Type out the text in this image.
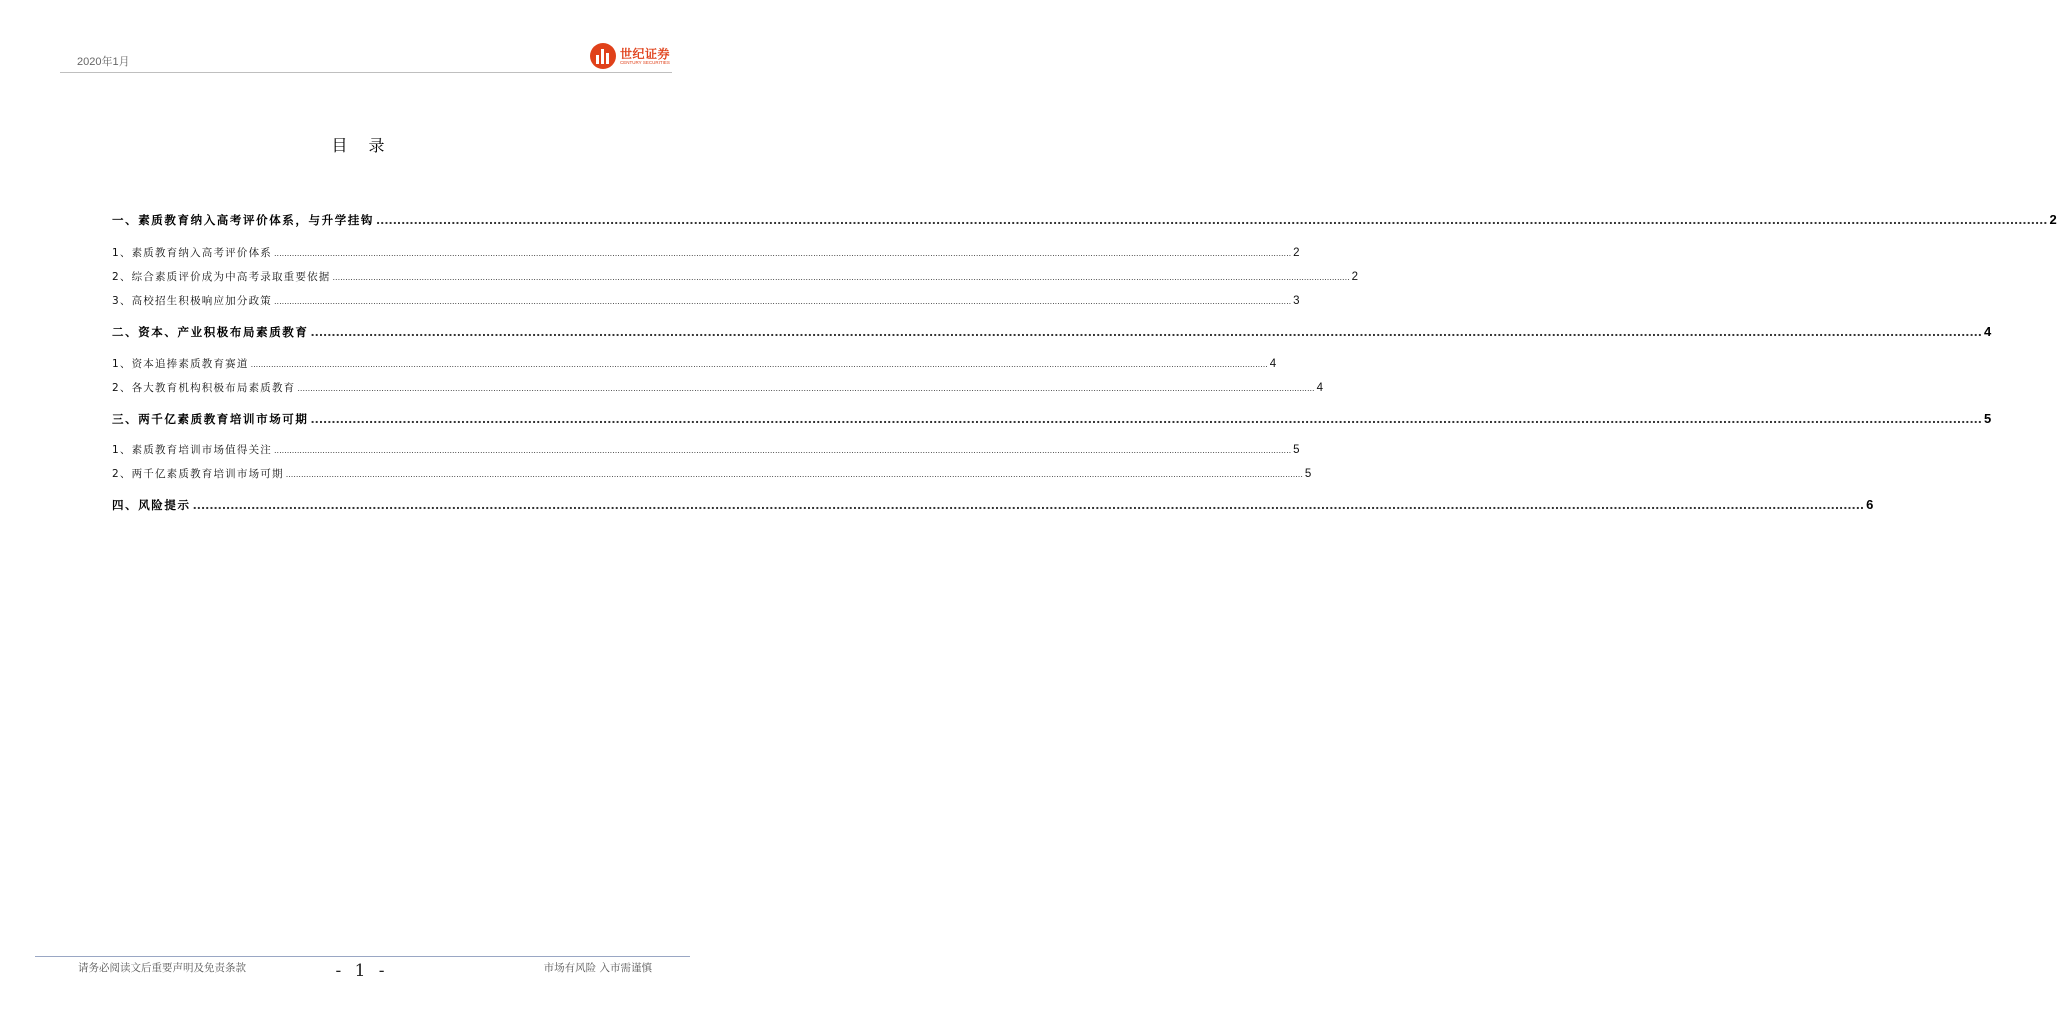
2020年1月
世纪证券
CENTURY SECURITIES
目 录
一、素质教育纳入高考评价体系，与升学挂钩 ................................................................................................................................................................................................................................................................................................................................................................................................................ 2
1、素质教育纳入高考评价体系 ................................................................................................................................................................................................................................................................................................................................................................................................................ 2
2、综合素质评价成为中高考录取重要依据 ................................................................................................................................................................................................................................................................................................................................................................................................................ 2
3、高校招生积极响应加分政策 ................................................................................................................................................................................................................................................................................................................................................................................................................ 3
二、资本、产业积极布局素质教育 ................................................................................................................................................................................................................................................................................................................................................................................................................ 4
1、资本追捧素质教育赛道 ................................................................................................................................................................................................................................................................................................................................................................................................................ 4
2、各大教育机构积极布局素质教育 ................................................................................................................................................................................................................................................................................................................................................................................................................ 4
三、两千亿素质教育培训市场可期 ................................................................................................................................................................................................................................................................................................................................................................................................................ 5
1、素质教育培训市场值得关注 ................................................................................................................................................................................................................................................................................................................................................................................................................ 5
2、两千亿素质教育培训市场可期 ................................................................................................................................................................................................................................................................................................................................................................................................................ 5
四、风险提示 ................................................................................................................................................................................................................................................................................................................................................................................................................ 6
请务必阅读文后重要声明及免责条款	- 1 -	市场有风险 入市需谨慎
